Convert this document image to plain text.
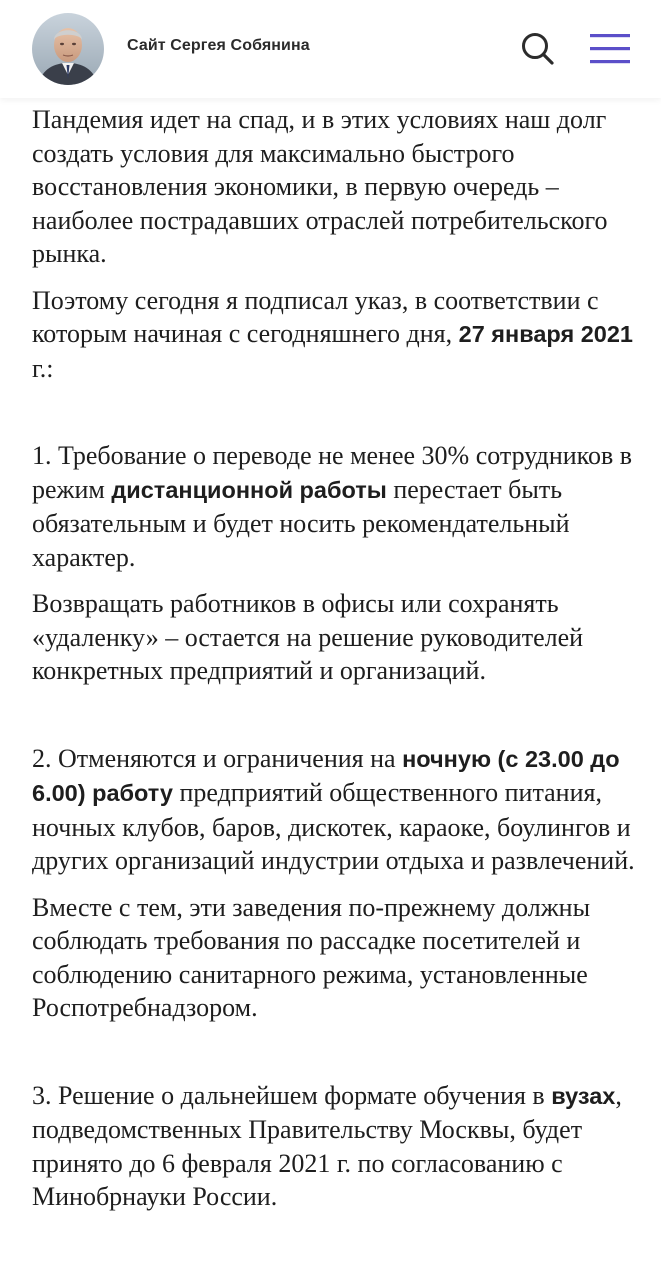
Сайт Сергея Собянина

Пандемия идет на спад, и в этих условиях наш долг создать условия для максимально быстрого восстановления экономики, в первую очередь – наиболее пострадавших отраслей потребительского рынка.

Поэтому сегодня я подписал указ, в соответствии с которым начиная с сегодняшнего дня, 27 января 2021 г.:

1. Требование о переводе не менее 30% сотрудников в режим дистанционной работы перестает быть обязательным и будет носить рекомендательный характер.

Возвращать работников в офисы или сохранять «удаленку» – остается на решение руководителей конкретных предприятий и организаций.

2. Отменяются и ограничения на ночную (с 23.00 до 6.00) работу предприятий общественного питания, ночных клубов, баров, дискотек, караоке, боулингов и других организаций индустрии отдыха и развлечений.

Вместе с тем, эти заведения по-прежнему должны соблюдать требования по рассадке посетителей и соблюдению санитарного режима, установленные Роспотребнадзором.

3. Решение о дальнейшем формате обучения в вузах, подведомственных Правительству Москвы, будет принято до 6 февраля 2021 г. по согласованию с Минобрнауки России.
